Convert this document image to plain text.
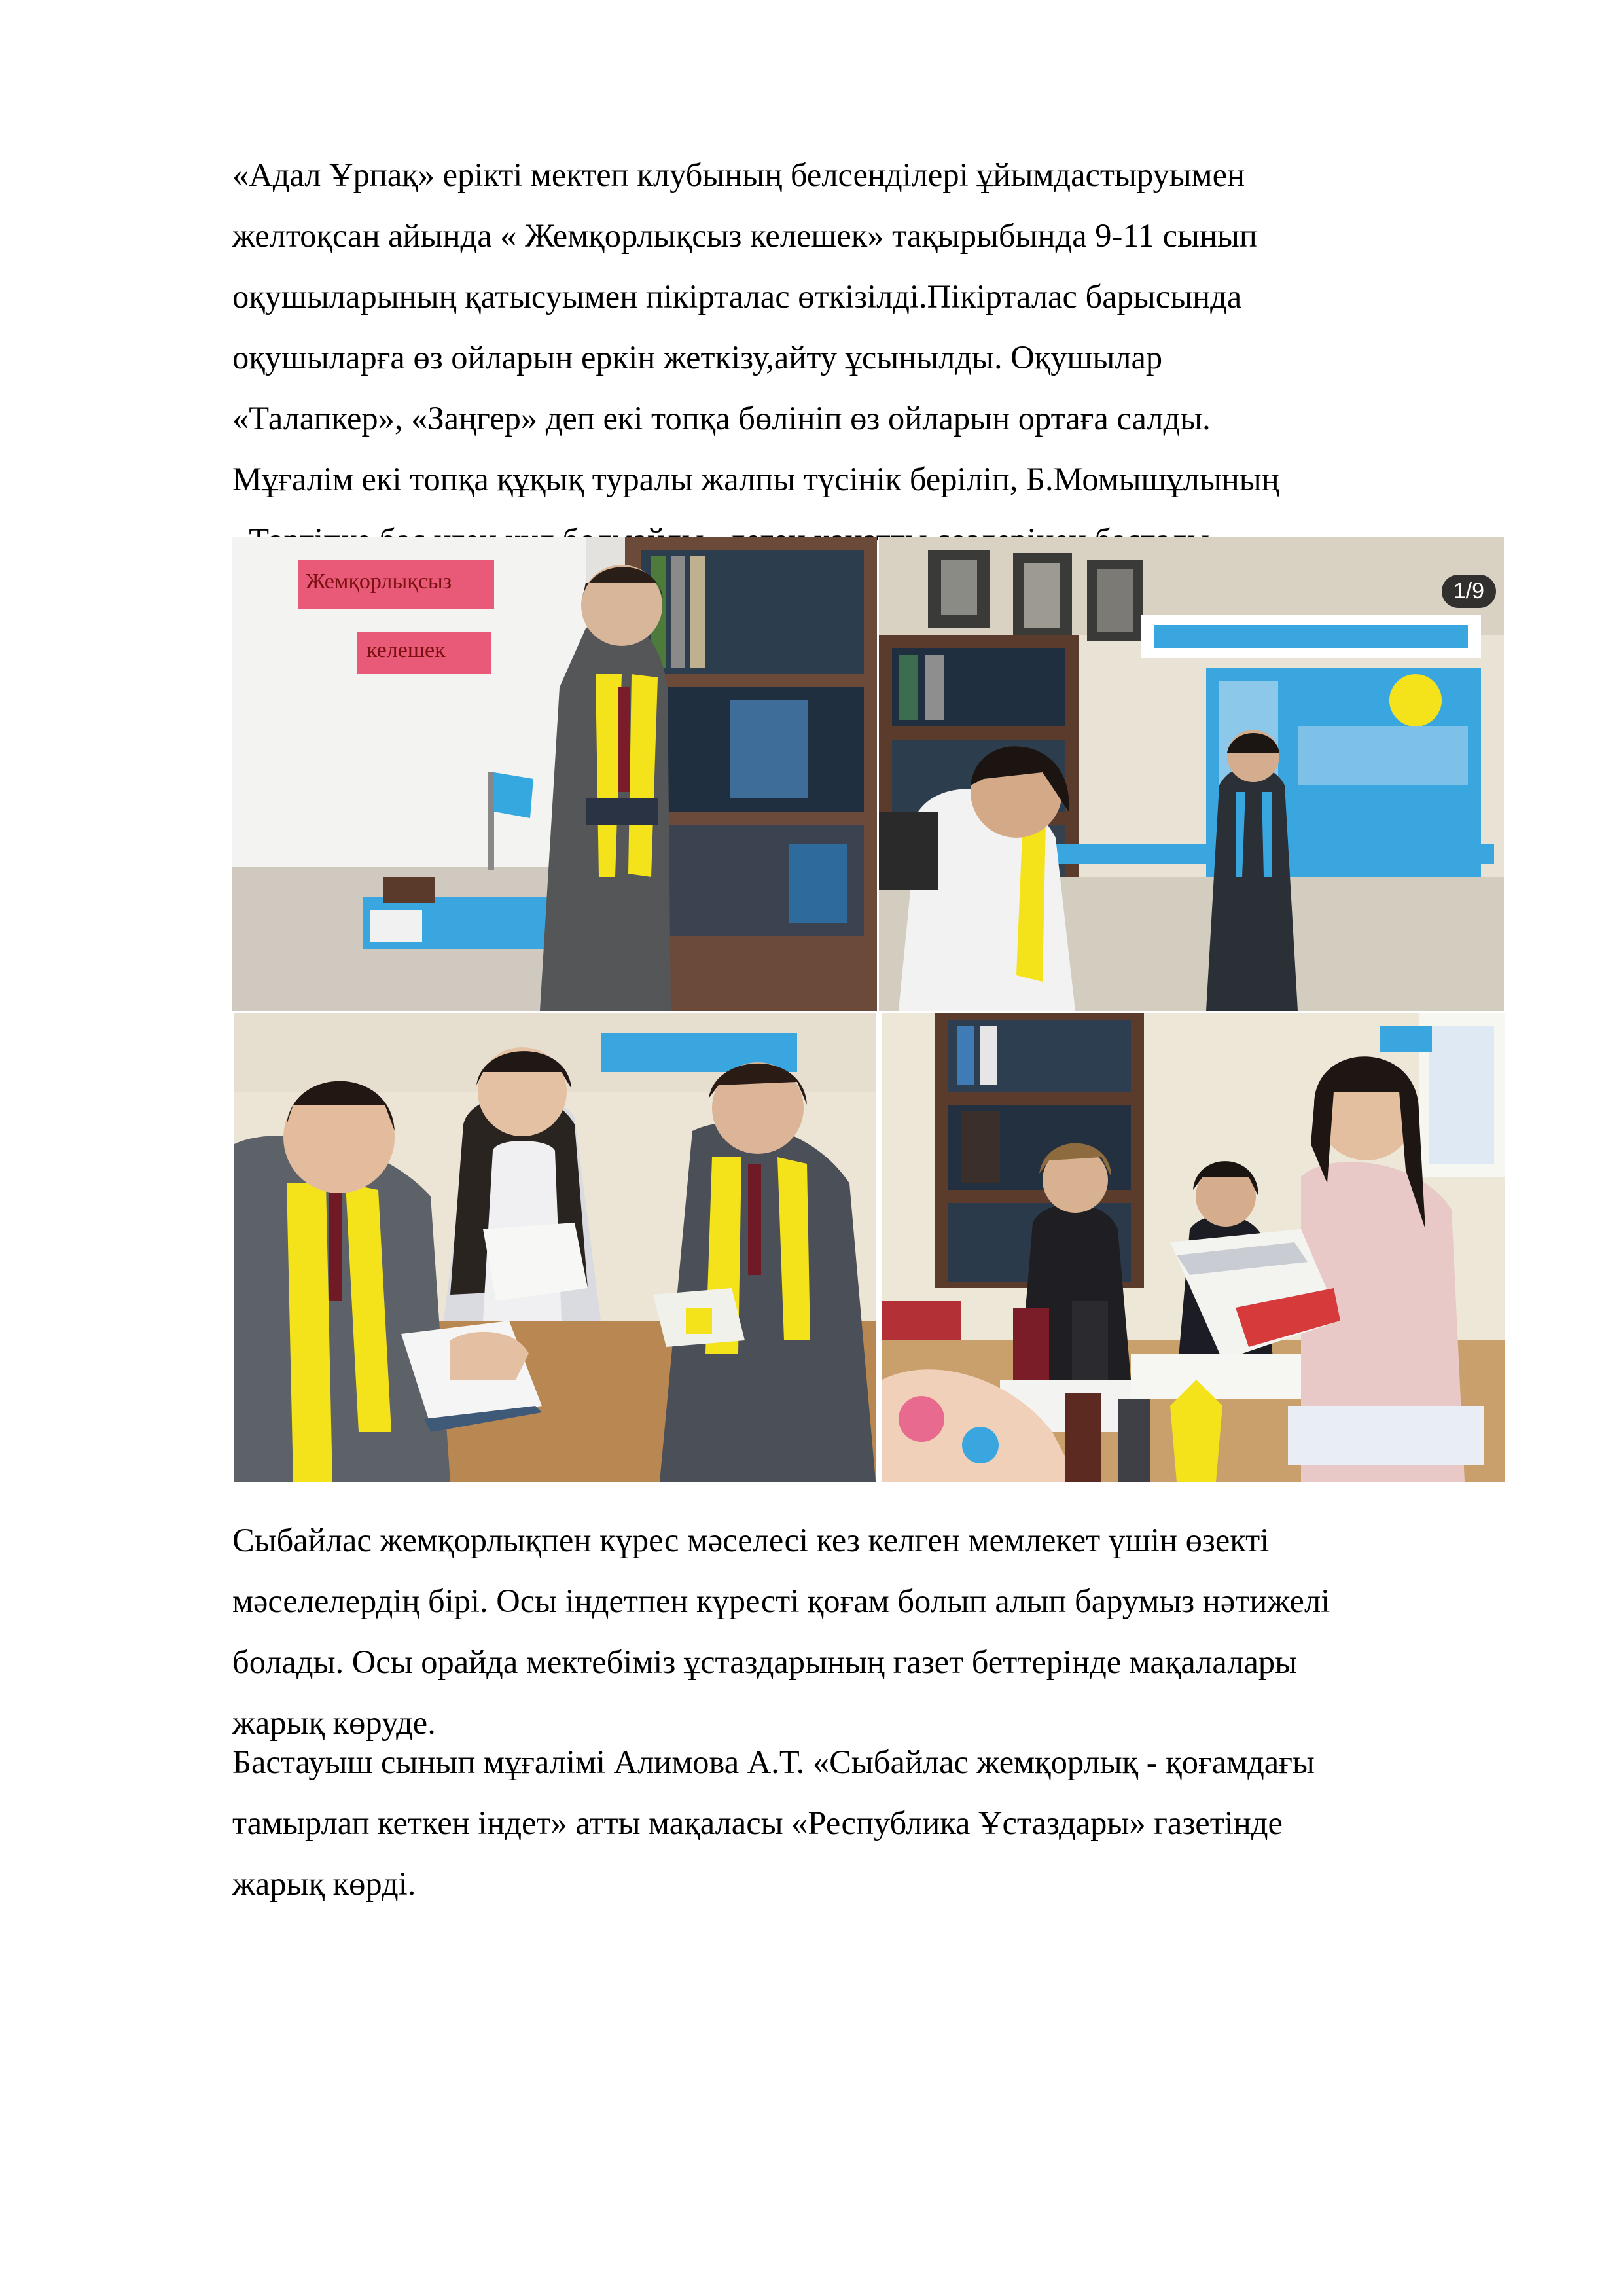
«Адал Ұрпақ» ерікті мектеп клубының белсенділері ұйымдастыруымен
желтоқсан айында « Жемқорлықсыз келешек» тақырыбында 9-11 сынып
оқушыларының қатысуымен пікірталас өткізілді.Пікірталас барысында
оқушыларға өз ойларын еркін жеткізу,айту ұсынылды. Оқушылар
«Талапкер», «Заңгер» деп екі топқа бөлініп өз ойларын ортаға салды.
Мұғалім екі топқа құқық туралы жалпы түсінік беріліп, Б.Момышұлының

Жемқорлықсыз
келешек
1/9

Сыбайлас жемқорлықпен күрес мәселесі кез келген мемлекет үшін өзекті
мәселелердің бірі. Осы індетпен күресті қоғам болып алып барумыз нәтижелі
болады. Осы орайда мектебіміз ұстаздарының газет беттерінде мақалалары
жарық көруде.

Бастауыш сынып мұғалімі Алимова А.Т. «Сыбайлас жемқорлық - қоғамдағы
тамырлап кеткен індет» атты мақаласы «Республика Ұстаздары» газетінде
жарық көрді.
